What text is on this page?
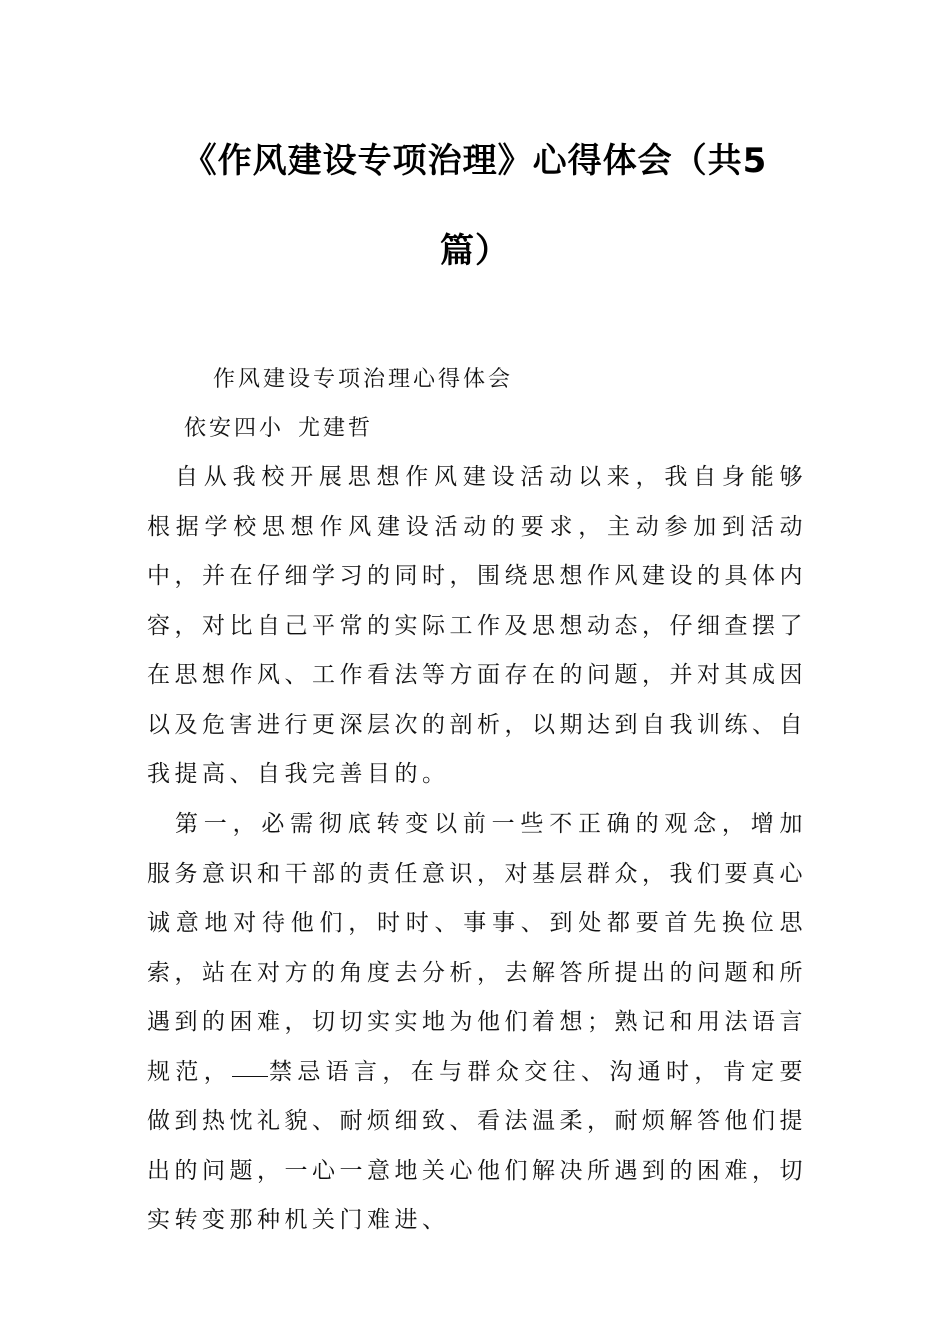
《作风建设专项治理》心得体会（共5
篇）

作风建设专项治理心得体会

依安四小 尤建哲

自从我校开展思想作风建设活动以来，我自身能够根据学校思想作风建设活动的要求，主动参加到活动中，并在仔细学习的同时，围绕思想作风建设的具体内容，对比自己平常的实际工作及思想动态，仔细查摆了在思想作风、工作看法等方面存在的问题，并对其成因以及危害进行更深层次的剖析，以期达到自我训练、自我提高、自我完善目的。

第一，必需彻底转变以前一些不正确的观念，增加服务意识和干部的责任意识，对基层群众，我们要真心诚意地对待他们，时时、事事、到处都要首先换位思索，站在对方的角度去分析，去解答所提出的问题和所遇到的困难，切切实实地为他们着想；熟记和用法语言规范， 禁忌语言，在与群众交往、沟通时，肯定要做到热忱礼貌、耐烦细致、看法温柔，耐烦解答他们提出的问题，一心一意地关心他们解决所遇到的困难，切实转变那种机关门难进、
